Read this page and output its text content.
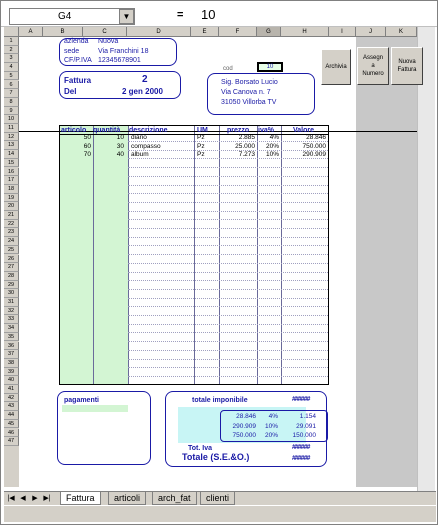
G4	▼	= 10
A	B	C	D	E	F	G	H	I	J	K
1
2
3
4
5
6
7
8
9
10
11
12
13
14
15
16
17
18
19
20
21
22
23
24
25
26
27
28
29
30
31
32
33
34
35
36
37
38
39
40
41
42
43
44
45
46
47
azienda Nuova
sede	Via Franchini 18
CF/P.IVA 12345678901
Fattura	2
Del	2 gen 2000
cod	10
Sig. Borsato Lucio
Via Canova n. 7
31050 Villorba TV
Archivia
Assegn
a
Numero
Nuova
Fattura
articolo quantità descrizione	UM	prezzo iva%	Valore
50	10 diario	Pz	2.885	4%	28.846
60	30 compasso	Pz	25.000	20%	750.000
70	40 album	Pz	7.273	10%	290.909
pagamenti	totale imponibile	######
28.846	4%	1.154
290.909	10%	29.091
750.000	20%	150.000
Tot. Iva	######
Totale (S.E.&O.)	######
|◀ ◀ ▶ ▶|	Fattura	articoli	arch_fat	clienti
